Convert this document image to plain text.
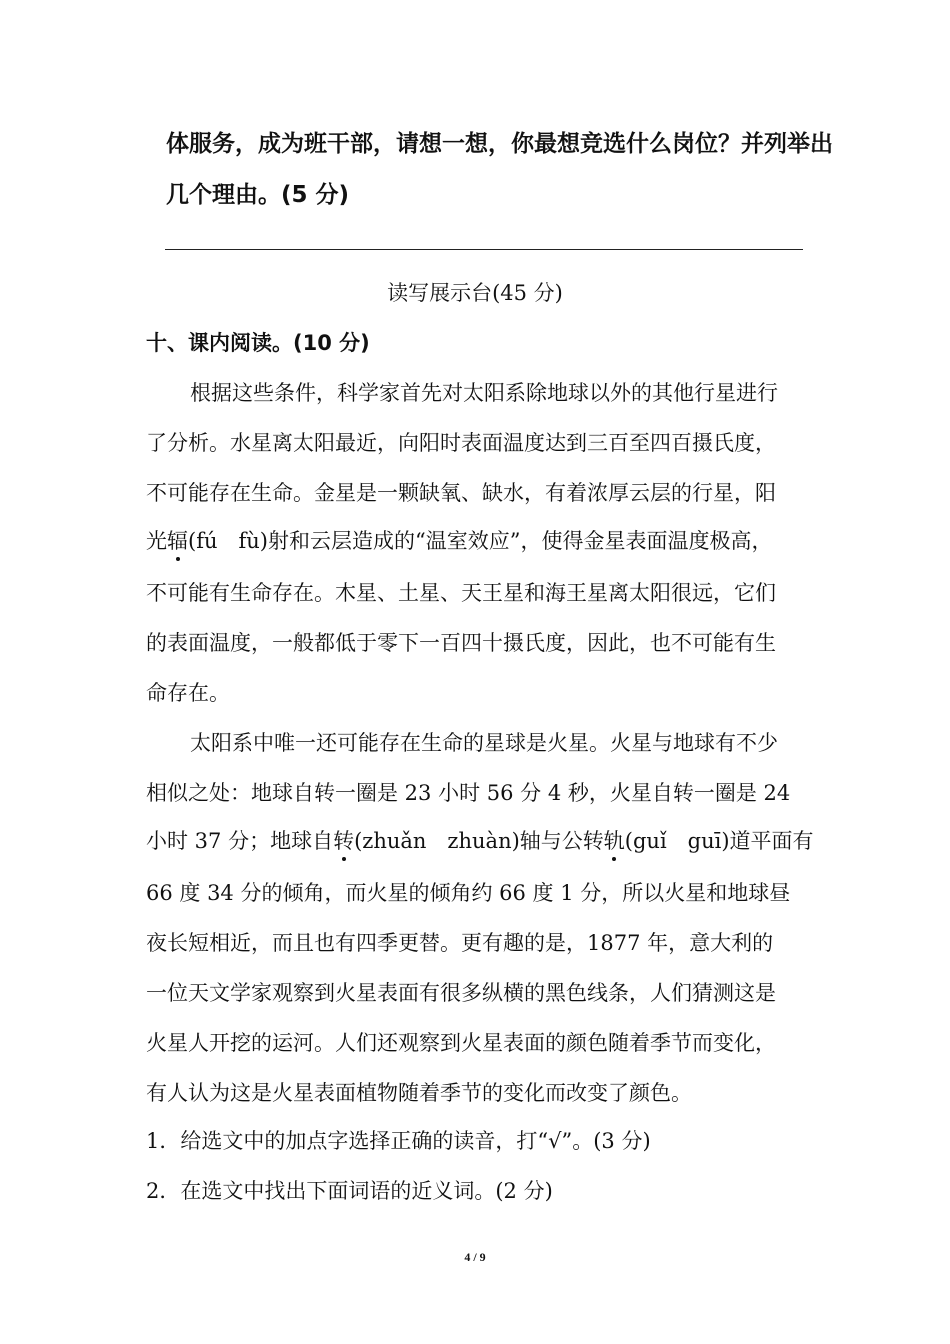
体服务，成为班干部，请想一想，你最想竞选什么岗位？并列举出
几个理由。(5 分)
读写展示台(45 分)
十、课内阅读。(10 分)
根据这些条件，科学家首先对太阳系除地球以外的其他行星进行
了分析。水星离太阳最近，向阳时表面温度达到三百至四百摄氏度，
不可能存在生命。金星是一颗缺氧、缺水，有着浓厚云层的行星，阳
光辐(fú　fù)射和云层造成的“温室效应”，使得金星表面温度极高，
不可能有生命存在。木星、土星、天王星和海王星离太阳很远，它们
的表面温度，一般都低于零下一百四十摄氏度，因此，也不可能有生
命存在。
太阳系中唯一还可能存在生命的星球是火星。火星与地球有不少
相似之处：地球自转一圈是 23 小时 56 分 4 秒，火星自转一圈是 24
小时 37 分；地球自转(zhuǎn　zhuàn)轴与公转轨(guǐ　guī)道平面有
66 度 34 分的倾角，而火星的倾角约 66 度 1 分，所以火星和地球昼
夜长短相近，而且也有四季更替。更有趣的是，1877 年，意大利的
一位天文学家观察到火星表面有很多纵横的黑色线条，人们猜测这是
火星人开挖的运河。人们还观察到火星表面的颜色随着季节而变化，
有人认为这是火星表面植物随着季节的变化而改变了颜色。
1．给选文中的加点字选择正确的读音，打“√”。(3 分)
2．在选文中找出下面词语的近义词。(2 分)
4 / 9
